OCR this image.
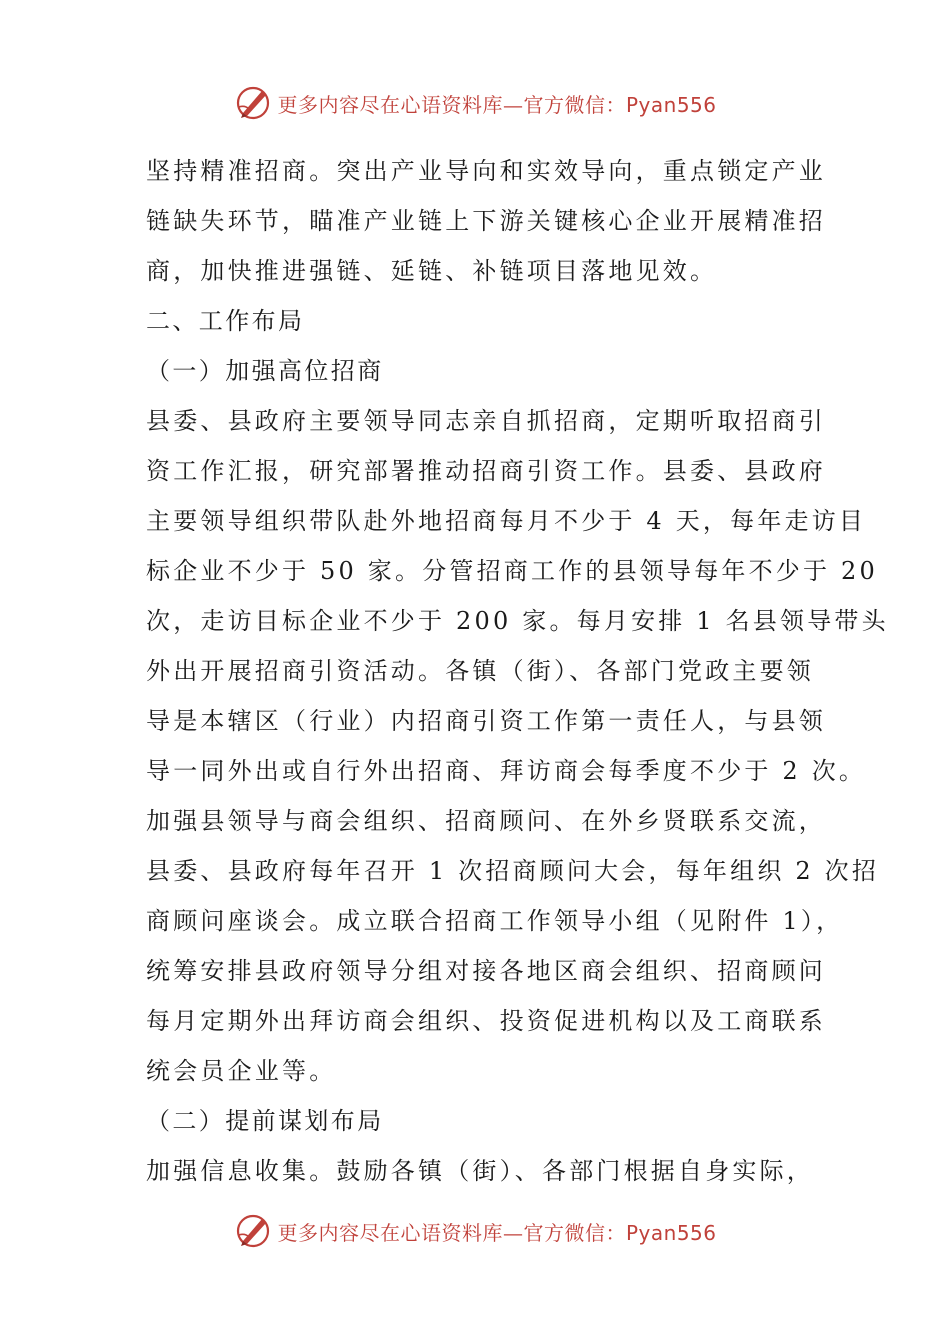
更多内容尽在心语资料库—官方微信：Pyan556
坚持精准招商。突出产业导向和实效导向，重点锁定产业
链缺失环节，瞄准产业链上下游关键核心企业开展精准招
商，加快推进强链、延链、补链项目落地见效。
二、工作布局
（一）加强高位招商
县委、县政府主要领导同志亲自抓招商，定期听取招商引
资工作汇报，研究部署推动招商引资工作。县委、县政府
主要领导组织带队赴外地招商每月不少于 4 天，每年走访目
标企业不少于 50 家。分管招商工作的县领导每年不少于 20
次，走访目标企业不少于 200 家。每月安排 1 名县领导带头
外出开展招商引资活动。各镇（街）、各部门党政主要领
导是本辖区（行业）内招商引资工作第一责任人，与县领
导一同外出或自行外出招商、拜访商会每季度不少于 2 次。
加强县领导与商会组织、招商顾问、在外乡贤联系交流，
县委、县政府每年召开 1 次招商顾问大会，每年组织 2 次招
商顾问座谈会。成立联合招商工作领导小组（见附件 1），
统筹安排县政府领导分组对接各地区商会组织、招商顾问
每月定期外出拜访商会组织、投资促进机构以及工商联系
统会员企业等。
（二）提前谋划布局
加强信息收集。鼓励各镇（街）、各部门根据自身实际，
更多内容尽在心语资料库—官方微信：Pyan556
